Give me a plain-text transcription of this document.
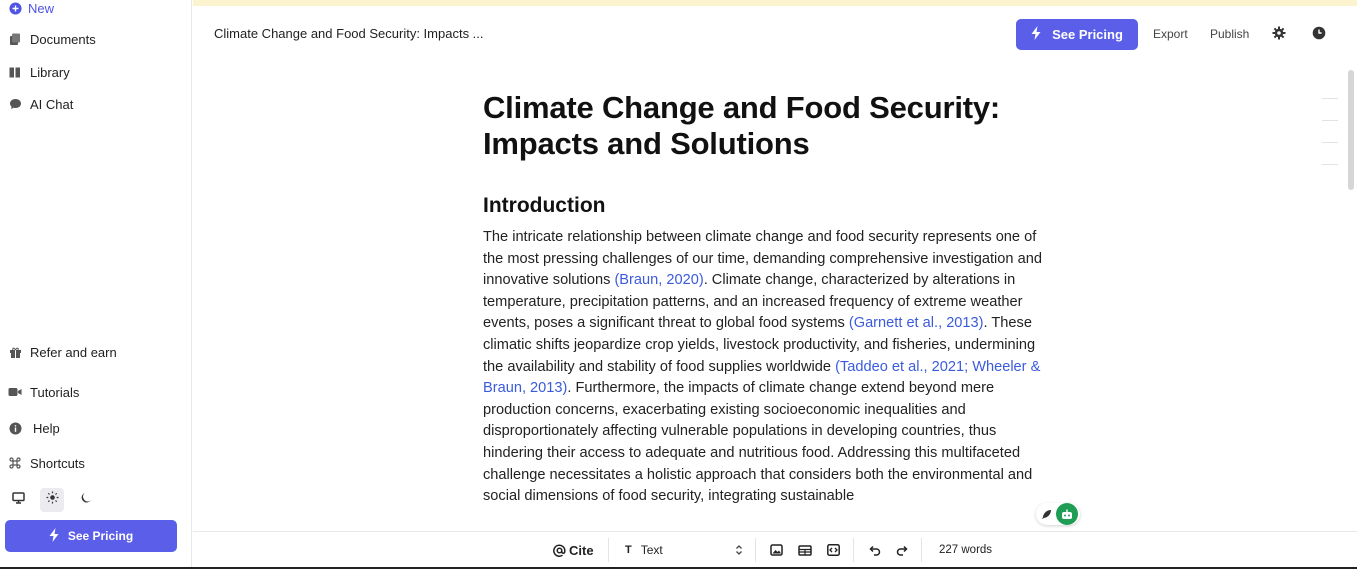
New
Documents
Library
AI Chat
Refer and earn
Tutorials
Help
Shortcuts
See Pricing
Climate Change and Food Security: Impacts ...	See Pricing	Export Publish
Climate Change and Food Security: Impacts and Solutions
Introduction
The intricate relationship between climate change and food security represents one of the most pressing challenges of our time, demanding comprehensive investigation and innovative solutions (Braun, 2020). Climate change, characterized by alterations in temperature, precipitation patterns, and an increased frequency of extreme weather events, poses a significant threat to global food systems (Garnett et al., 2013). These climatic shifts jeopardize crop yields, livestock productivity, and fisheries, undermining the availability and stability of food supplies worldwide (Taddeo et al., 2021; Wheeler & Braun, 2013). Furthermore, the impacts of climate change extend beyond mere production concerns, exacerbating existing socioeconomic inequalities and disproportionately affecting vulnerable populations in developing countries, thus hindering their access to adequate and nutritious food. Addressing this multifaceted challenge necessitates a holistic approach that considers both the environmental and social dimensions of food security, integrating sustainable
Cite	T Text	227 words
